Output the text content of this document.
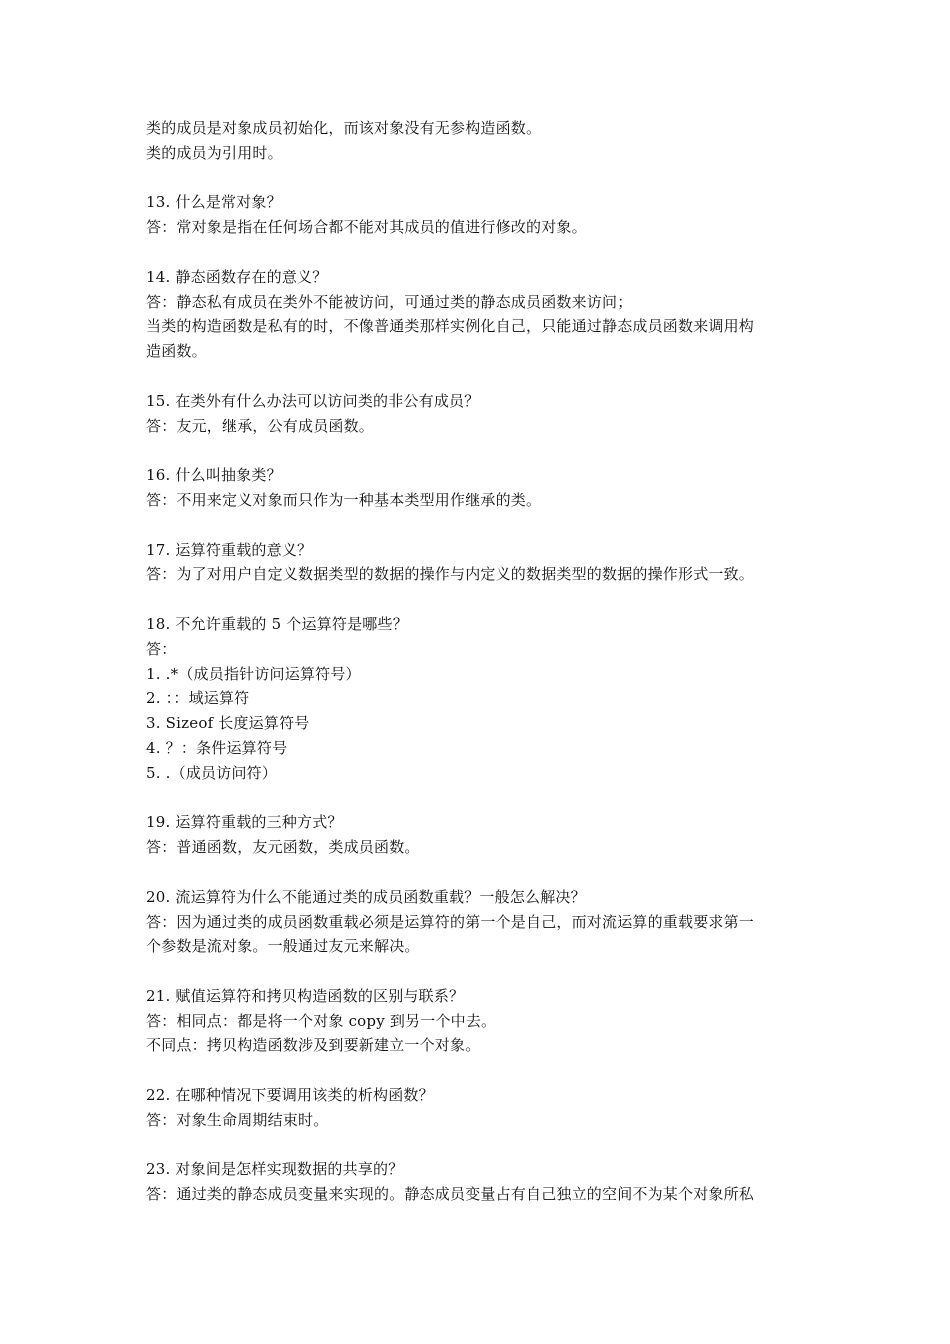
类的成员是对象成员初始化，而该对象没有无参构造函数。
类的成员为引用时。
13. 什么是常对象？
答：常对象是指在任何场合都不能对其成员的值进行修改的对象。
14. 静态函数存在的意义？
答：静态私有成员在类外不能被访问，可通过类的静态成员函数来访问；
当类的构造函数是私有的时，不像普通类那样实例化自己，只能通过静态成员函数来调用构
造函数。
15. 在类外有什么办法可以访问类的非公有成员？
答：友元，继承，公有成员函数。
16. 什么叫抽象类？
答：不用来定义对象而只作为一种基本类型用作继承的类。
17. 运算符重载的意义？
答：为了对用户自定义数据类型的数据的操作与内定义的数据类型的数据的操作形式一致。
18. 不允许重载的 5 个运算符是哪些？
答：
1. .*（成员指针访问运算符号）
2. ：：域运算符
3. Sizeof 长度运算符号
4. ？：条件运算符号
5. .（成员访问符）
19. 运算符重载的三种方式？
答：普通函数，友元函数，类成员函数。
20. 流运算符为什么不能通过类的成员函数重载？一般怎么解决？
答：因为通过类的成员函数重载必须是运算符的第一个是自己，而对流运算的重载要求第一
个参数是流对象。一般通过友元来解决。
21. 赋值运算符和拷贝构造函数的区别与联系？
答：相同点：都是将一个对象 copy 到另一个中去。
不同点：拷贝构造函数涉及到要新建立一个对象。
22. 在哪种情况下要调用该类的析构函数？
答：对象生命周期结束时。
23. 对象间是怎样实现数据的共享的？
答：通过类的静态成员变量来实现的。静态成员变量占有自己独立的空间不为某个对象所私
